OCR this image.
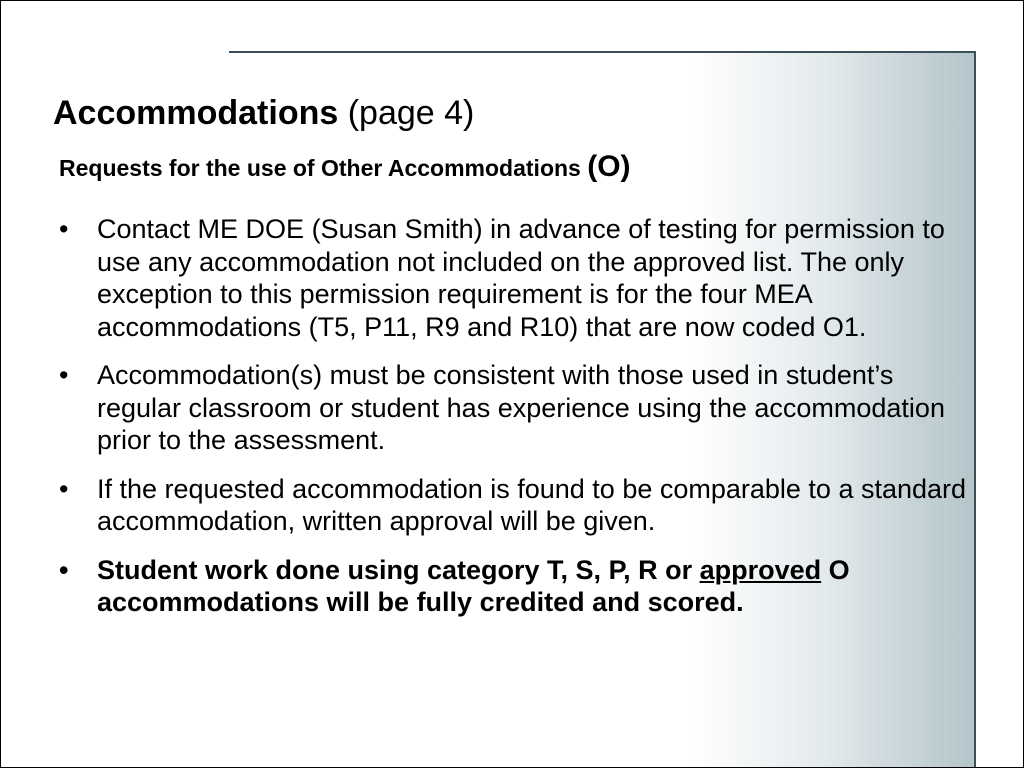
Accommodations (page 4)
Requests for the use of Other Accommodations (O)
•	Contact ME DOE (Susan Smith) in advance of testing for permission to use any accommodation not included on the approved list. The only exception to this permission requirement is for the four MEA accommodations (T5, P11, R9 and R10) that are now coded O1.
•	Accommodation(s) must be consistent with those used in student’s regular classroom or student has experience using the accommodation prior to the assessment.
•	If the requested accommodation is found to be comparable to a standard accommodation, written approval will be given.
•	Student work done using category T, S, P, R or approved O accommodations will be fully credited and scored.
